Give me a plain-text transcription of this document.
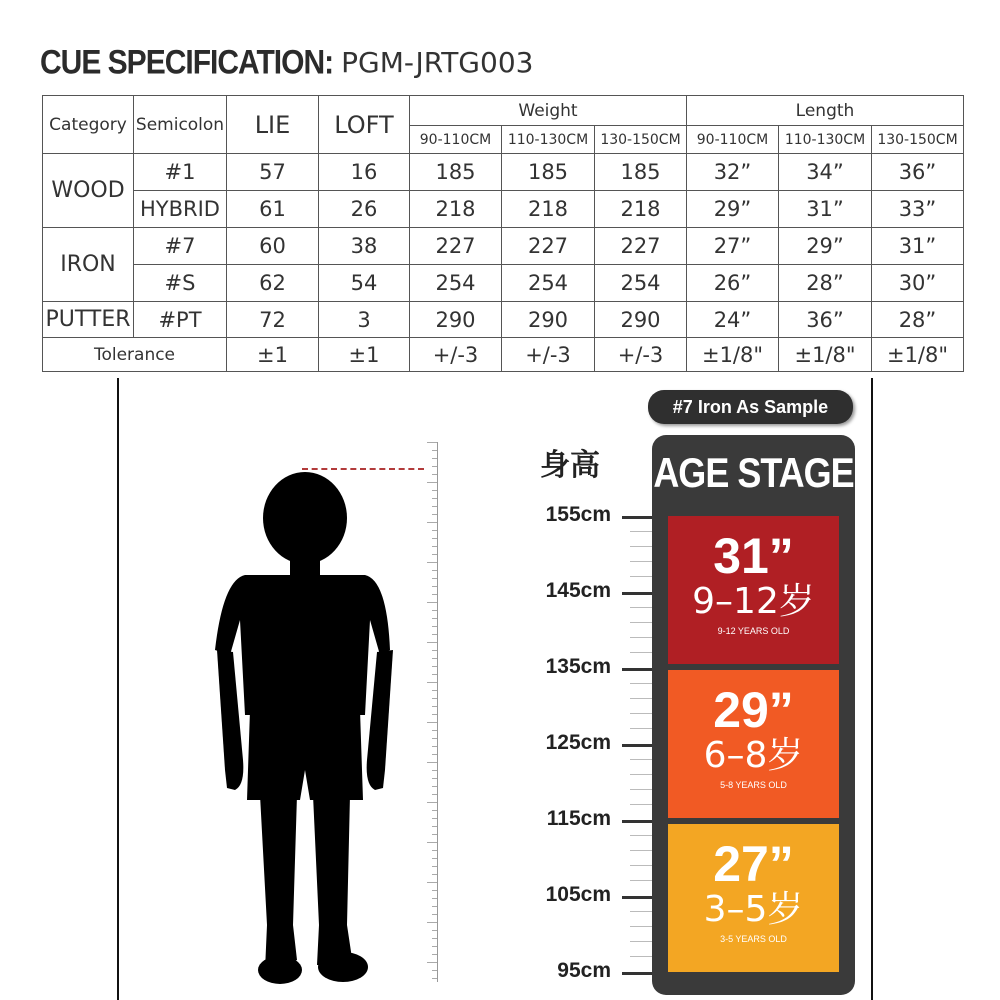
CUE SPECIFICATION: PGM-JRTG003
Category	Semicolon	LIE	LOFT	Weight			Length		
				90-110CM	110-130CM	130-150CM	90-110CM	110-130CM	130-150CM
WOOD	#1	57	16	185	185	185	32”	34”	36”
	HYBRID	61	26	218	218	218	29”	31”	33”
IRON	#7	60	38	227	227	227	27”	29”	31”
	#S	62	54	254	254	254	26”	28”	30”
PUTTER	#PT	72	3	290	290	290	24”	36”	28”
Tolerance		±1	±1	+/-3	+/-3	+/-3	±1/8"	±1/8"	±1/8"
身高
155cm
145cm
135cm
125cm
115cm
105cm
95cm
#7 Iron As Sample
AGE STAGE
31”
9–12岁
9-12 YEARS OLD
29”
6–8岁
5-8 YEARS OLD
27”
3–5岁
3-5 YEARS OLD
